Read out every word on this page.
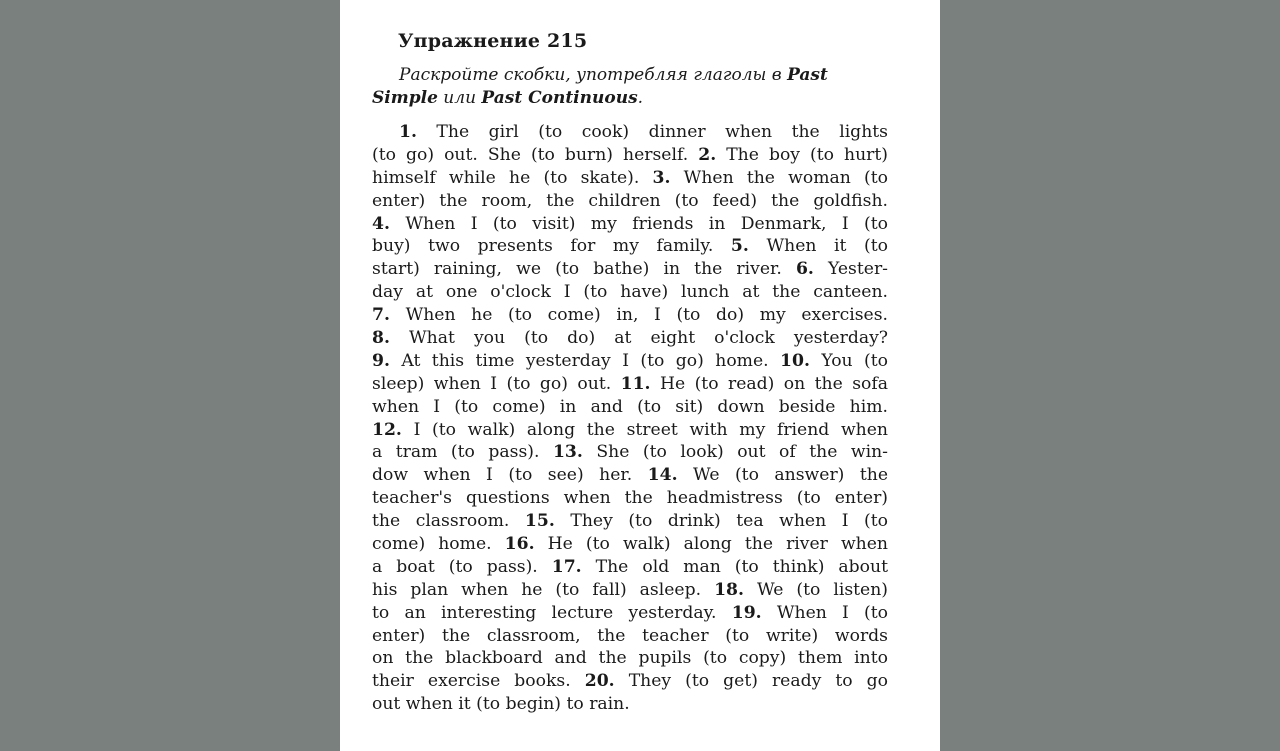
Упражнение 215
Раскройте скобки, употребляя глаголы в Past Simple или Past Continuous.
1. The girl (to cook) dinner when the lights
(to go) out. She (to burn) herself. 2. The boy (to hurt)
himself while he (to skate). 3. When the woman (to
enter) the room, the children (to feed) the goldfish.
4. When I (to visit) my friends in Denmark, I (to
buy) two presents for my family. 5. When it (to
start) raining, we (to bathe) in the river. 6. Yester-
day at one o'clock I (to have) lunch at the canteen.
7. When he (to come) in, I (to do) my exercises.
8. What you (to do) at eight o'clock yesterday?
9. At this time yesterday I (to go) home. 10. You (to
sleep) when I (to go) out. 11. He (to read) on the sofa
when I (to come) in and (to sit) down beside him.
12. I (to walk) along the street with my friend when
a tram (to pass). 13. She (to look) out of the win-
dow when I (to see) her. 14. We (to answer) the
teacher's questions when the headmistress (to enter)
the classroom. 15. They (to drink) tea when I (to
come) home. 16. He (to walk) along the river when
a boat (to pass). 17. The old man (to think) about
his plan when he (to fall) asleep. 18. We (to listen)
to an interesting lecture yesterday. 19. When I (to
enter) the classroom, the teacher (to write) words
on the blackboard and the pupils (to copy) them into
their exercise books. 20. They (to get) ready to go
out when it (to begin) to rain.
